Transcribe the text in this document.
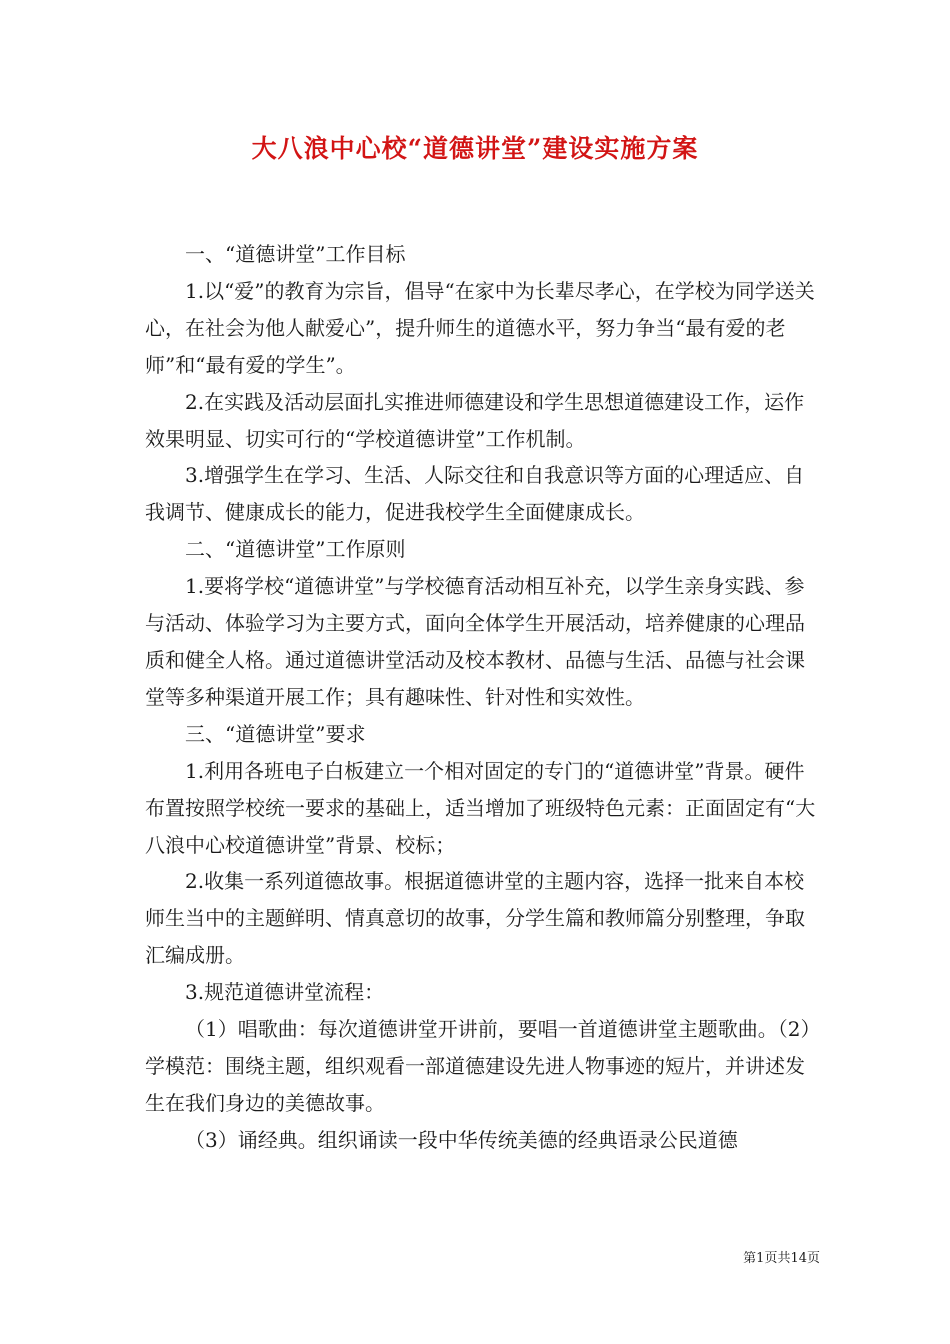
大八浪中心校“道德讲堂”建设实施方案

一、“道德讲堂”工作目标

1.以“爱”的教育为宗旨，倡导“在家中为长辈尽孝心，在学校为同学送关心，在社会为他人献爱心”，提升师生的道德水平，努力争当“最有爱的老师”和“最有爱的学生”。

2.在实践及活动层面扎实推进师德建设和学生思想道德建设工作，运作效果明显、切实可行的“学校道德讲堂”工作机制。

3.增强学生在学习、生活、人际交往和自我意识等方面的心理适应、自我调节、健康成长的能力，促进我校学生全面健康成长。

二、“道德讲堂”工作原则

1.要将学校“道德讲堂”与学校德育活动相互补充，以学生亲身实践、参与活动、体验学习为主要方式，面向全体学生开展活动，培养健康的心理品质和健全人格。通过道德讲堂活动及校本教材、品德与生活、品德与社会课堂等多种渠道开展工作；具有趣味性、针对性和实效性。

三、“道德讲堂”要求

1.利用各班电子白板建立一个相对固定的专门的“道德讲堂”背景。硬件布置按照学校统一要求的基础上，适当增加了班级特色元素：正面固定有“大八浪中心校道德讲堂”背景、校标；

2.收集一系列道德故事。根据道德讲堂的主题内容，选择一批来自本校师生当中的主题鲜明、情真意切的故事，分学生篇和教师篇分别整理，争取汇编成册。

3.规范道德讲堂流程：

（1）唱歌曲：每次道德讲堂开讲前，要唱一首道德讲堂主题歌曲。（2）学模范：围绕主题，组织观看一部道德建设先进人物事迹的短片，并讲述发生在我们身边的美德故事。

（3）诵经典。组织诵读一段中华传统美德的经典语录公民道德

第1页共14页
